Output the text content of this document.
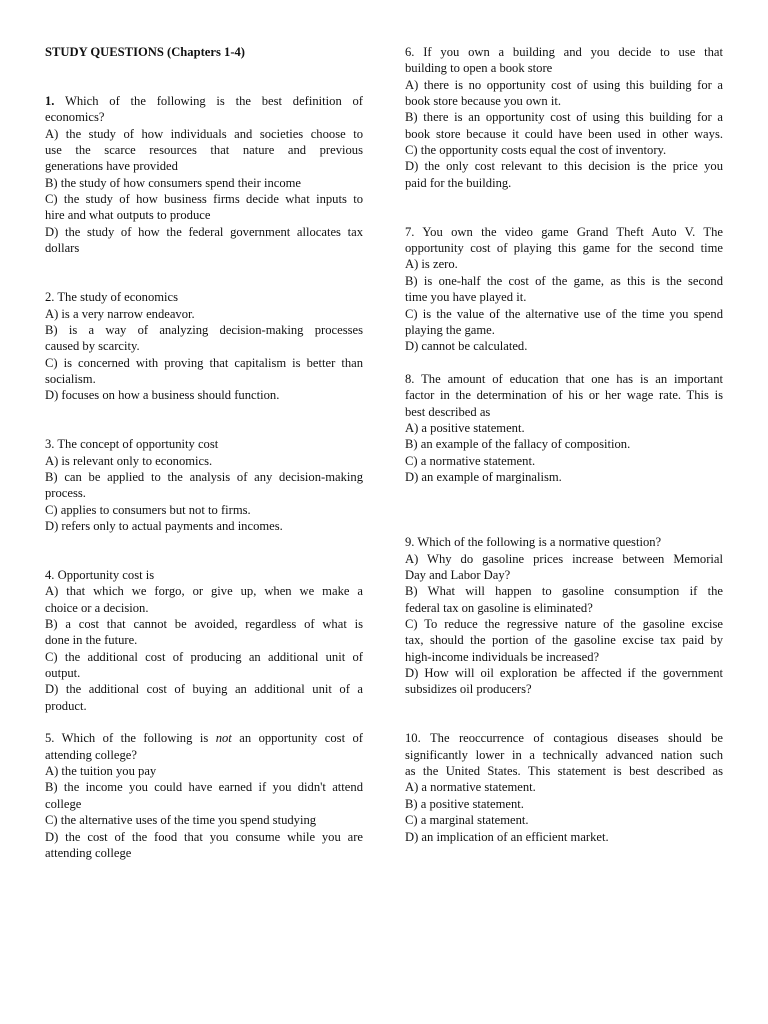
STUDY QUESTIONS (Chapters 1-4)
1. Which of the following is the best definition of
economics?
A) the study of how individuals and societies choose to
use the scarce resources that nature and previous
generations have provided
B) the study of how consumers spend their income
C) the study of how business firms decide what inputs to
hire and what outputs to produce
D) the study of how the federal government allocates tax
dollars
2. The study of economics
A) is a very narrow endeavor.
B) is a way of analyzing decision-making processes
caused by scarcity.
C) is concerned with proving that capitalism is better than
socialism.
D) focuses on how a business should function.
3. The concept of opportunity cost
A) is relevant only to economics.
B) can be applied to the analysis of any decision-making
process.
C) applies to consumers but not to firms.
D) refers only to actual payments and incomes.
4. Opportunity cost is
A) that which we forgo, or give up, when we make a
choice or a decision.
B) a cost that cannot be avoided, regardless of what is
done in the future.
C) the additional cost of producing an additional unit of
output.
D) the additional cost of buying an additional unit of a
product.
5. Which of the following is not an opportunity cost of
attending college?
A) the tuition you pay
B) the income you could have earned if you didn't attend
college
C) the alternative uses of the time you spend studying
D) the cost of the food that you consume while you are
attending college
6. If you own a building and you decide to use that
building to open a book store
A) there is no opportunity cost of using this building for a
book store because you own it.
B) there is an opportunity cost of using this building for a
book store because it could have been used in other ways.
C) the opportunity costs equal the cost of inventory.
D) the only cost relevant to this decision is the price you
paid for the building.
7. You own the video game Grand Theft Auto V. The
opportunity cost of playing this game for the second time
A) is zero.
B) is one-half the cost of the game, as this is the second
time you have played it.
C) is the value of the alternative use of the time you spend
playing the game.
D) cannot be calculated.
8. The amount of education that one has is an important
factor in the determination of his or her wage rate. This is
best described as
A) a positive statement.
B) an example of the fallacy of composition.
C) a normative statement.
D) an example of marginalism.
9. Which of the following is a normative question?
A) Why do gasoline prices increase between Memorial
Day and Labor Day?
B) What will happen to gasoline consumption if the
federal tax on gasoline is eliminated?
C) To reduce the regressive nature of the gasoline excise
tax, should the portion of the gasoline excise tax paid by
high-income individuals be increased?
D) How will oil exploration be affected if the government
subsidizes oil producers?
10. The reoccurrence of contagious diseases should be
significantly lower in a technically advanced nation such
as the United States. This statement is best described as
A) a normative statement.
B) a positive statement.
C) a marginal statement.
D) an implication of an efficient market.
